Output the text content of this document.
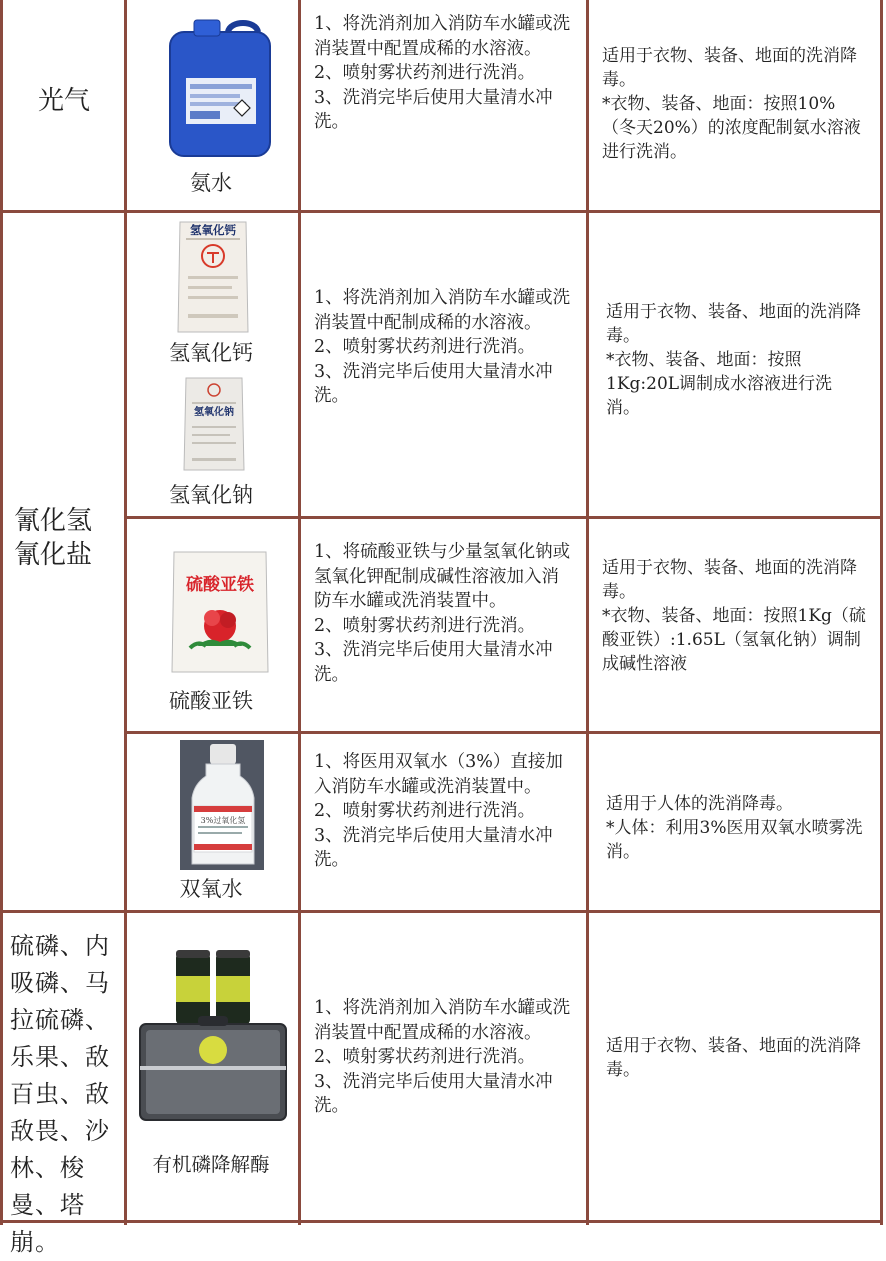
光气
氨水
1、将洗消剂加入消防车水罐或洗消装置中配置成稀的水溶液。
2、喷射雾状药剂进行洗消。
3、洗消完毕后使用大量清水冲洗。
适用于衣物、装备、地面的洗消降毒。
*衣物、装备、地面：按照10%（冬天20%）的浓度配制氨水溶液进行洗消。
氰化氢
氰化盐
氢氧化钙
氢氧化钙
氢氧化钠
氢氧化钠
1、将洗消剂加入消防车水罐或洗消装置中配制成稀的水溶液。
2、喷射雾状药剂进行洗消。
3、洗消完毕后使用大量清水冲洗。
适用于衣物、装备、地面的洗消降毒。
*衣物、装备、地面：按照1Kg:20L调制成水溶液进行洗消。
硫酸亚铁
硫酸亚铁
1、将硫酸亚铁与少量氢氧化钠或氢氧化钾配制成碱性溶液加入消防车水罐或洗消装置中。
2、喷射雾状药剂进行洗消。
3、洗消完毕后使用大量清水冲洗。
适用于衣物、装备、地面的洗消降毒。
*衣物、装备、地面：按照1Kg（硫酸亚铁）:1.65L（氢氧化钠）调制成碱性溶液
3%过氧化氢
双氧水
1、将医用双氧水（3%）直接加入消防车水罐或洗消装置中。
2、喷射雾状药剂进行洗消。
3、洗消完毕后使用大量清水冲洗。
适用于人体的洗消降毒。
*人体：利用3%医用双氧水喷雾洗消。
硫磷、内吸磷、马拉硫磷、乐果、敌百虫、敌敌畏、沙林、梭曼、塔崩。
有机磷降解酶
1、将洗消剂加入消防车水罐或洗消装置中配置成稀的水溶液。
2、喷射雾状药剂进行洗消。
3、洗消完毕后使用大量清水冲洗。
适用于衣物、装备、地面的洗消降毒。
